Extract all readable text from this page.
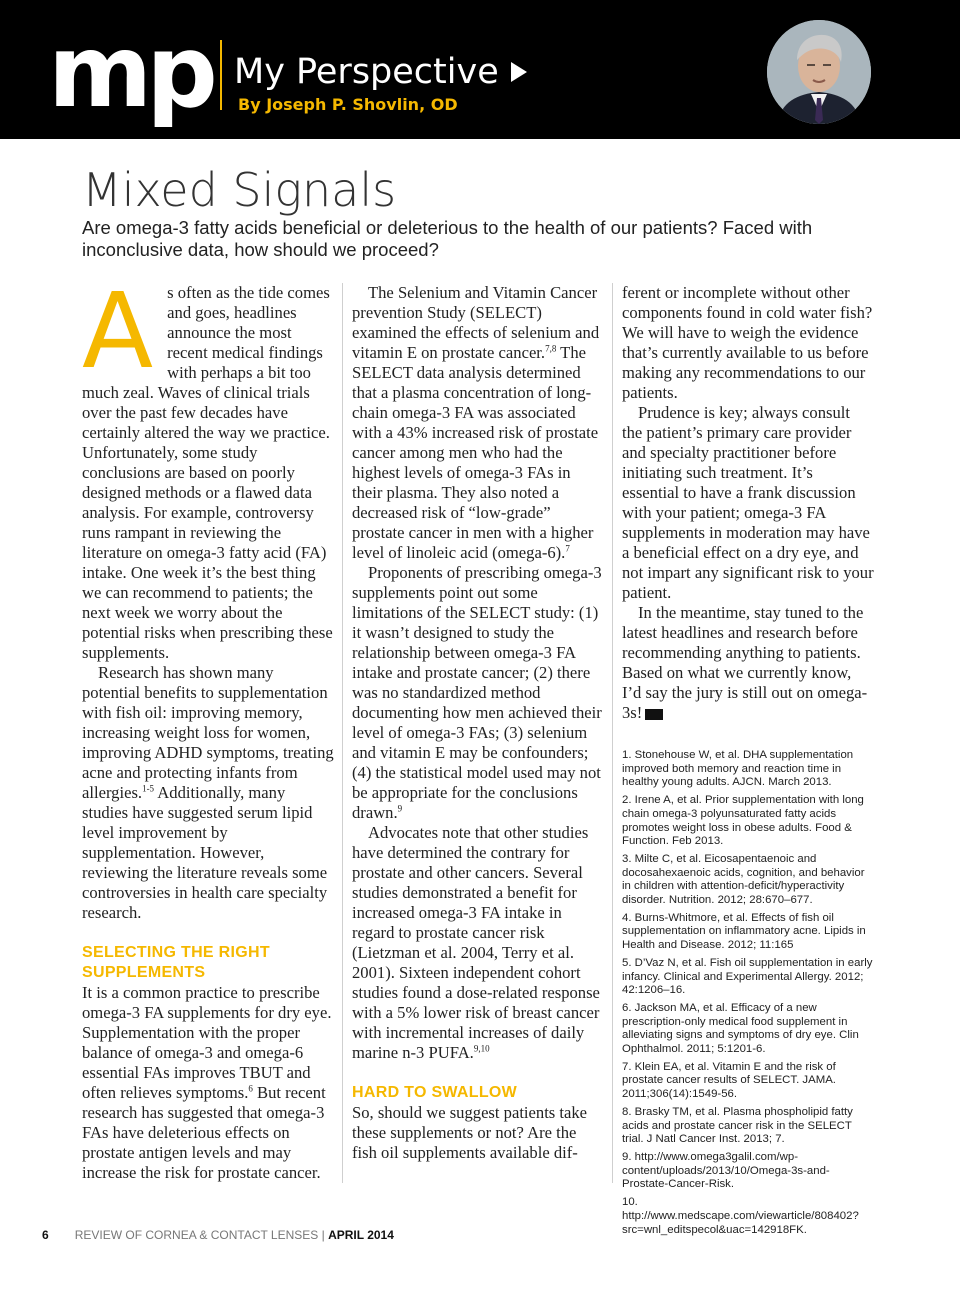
mp My Perspective
By Joseph P. Shovlin, OD
Mixed Signals
Are omega-3 fatty acids beneficial or deleterious to the health of our patients? Faced with inconclusive data, how should we proceed?

As often as the tide comes and goes, headlines announce the most recent medical findings with perhaps a bit too much zeal. Waves of clinical trials over the past few decades have certainly altered the way we practice. Unfortunately, some study conclusions are based on poorly designed methods or a flawed data analysis. For example, controversy runs rampant in reviewing the literature on omega-3 fatty acid (FA) intake. One week it’s the best thing we can recommend to patients; the next week we worry about the potential risks when prescribing these supplements.

Research has shown many potential benefits to supplementation with fish oil: improving memory, increasing weight loss for women, improving ADHD symptoms, treating acne and protecting infants from allergies.$^{1-5}$ Additionally, many studies have suggested serum lipid level improvement by supplementation. However, reviewing the literature reveals some controversies in health care specialty research.

SELECTING THE RIGHT SUPPLEMENTS

It is a common practice to prescribe omega-3 FA supplements for dry eye. Supplementation with the proper balance of omega-3 and omega-6 essential FAs improves TBUT and often relieves symptoms.$^6$ But recent research has suggested that omega-3 FAs have deleterious effects on prostate antigen levels and may increase the risk for prostate cancer.

The Selenium and Vitamin Cancer prevention Study (SELECT) examined the effects of selenium and vitamin E on prostate cancer.$^{7,8}$ The SELECT data analysis determined that a plasma concentration of long-chain omega-3 FA was associated with a 43% increased risk of prostate cancer among men who had the highest levels of omega-3 FAs in their plasma. They also noted a decreased risk of “low-grade” prostate cancer in men with a higher level of linoleic acid (omega-6).$^7$

Proponents of prescribing omega-3 supplements point out some limitations of the SELECT study: (1) it wasn’t designed to study the relationship between omega-3 FA intake and prostate cancer; (2) there was no standardized method documenting how men achieved their level of omega-3 FAs; (3) selenium and vitamin E may be confounders; (4) the statistical model used may not be appropriate for the conclusions drawn.$^9$

Advocates note that other studies have determined the contrary for prostate and other cancers. Several studies demonstrated a benefit for increased omega-3 FA intake in regard to prostate cancer risk (Lietzman et al. 2004, Terry et al. 2001). Sixteen independent cohort studies found a dose-related response with a 5% lower risk of breast cancer with incremental increases of daily marine n-3 PUFA.$^{9,10}$

HARD TO SWALLOW

So, should we suggest patients take these supplements or not? Are the fish oil supplements available dif-

ferent or incomplete without other components found in cold water fish? We will have to weigh the evidence that’s currently available to us before making any recommendations to our patients.

Prudence is key; always consult the patient’s primary care provider and specialty practitioner before initiating such treatment. It’s essential to have a frank discussion with your patient; omega-3 FA supplements in moderation may have a beneficial effect on a dry eye, and not impart any significant risk to your patient.

In the meantime, stay tuned to the latest headlines and research before recommending anything to patients. Based on what we currently know, I’d say the jury is still out on omega-3s!

1. Stonehouse W, et al. DHA supplementation improved both memory and reaction time in healthy young adults. AJCN. March 2013.
2. Irene A, et al. Prior supplementation with long chain omega-3 polyunsaturated fatty acids promotes weight loss in obese adults. Food & Function. Feb 2013.
3. Milte C, et al. Eicosapentaenoic and docosahexaenoic acids, cognition, and behavior in children with attention-deficit/hyperactivity disorder. Nutrition. 2012; 28:670–677.
4. Burns-Whitmore, et al. Effects of fish oil supplementation on inflammatory acne. Lipids in Health and Disease. 2012; 11:165
5. D’Vaz N, et al. Fish oil supplementation in early infancy. Clinical and Experimental Allergy. 2012; 42:1206–16.
6. Jackson MA, et al. Efficacy of a new prescription-only medical food supplement in alleviating signs and symptoms of dry eye. Clin Ophthalmol. 2011; 5:1201-6.
7. Klein EA, et al. Vitamin E and the risk of prostate cancer results of SELECT. JAMA. 2011;306(14):1549-56.
8. Brasky TM, et al. Plasma phospholipid fatty acids and prostate cancer risk in the SELECT trial. J Natl Cancer Inst. 2013; 7.
9. http://www.omega3galil.com/wp-content/uploads/2013/10/Omega-3s-and-Prostate-Cancer-Risk.
10. http://www.medscape.com/viewarticle/808402?src=wnl_editspecol&uac=142918FK.
6 REVIEW OF CORNEA & CONTACT LENSES | APRIL 2014
